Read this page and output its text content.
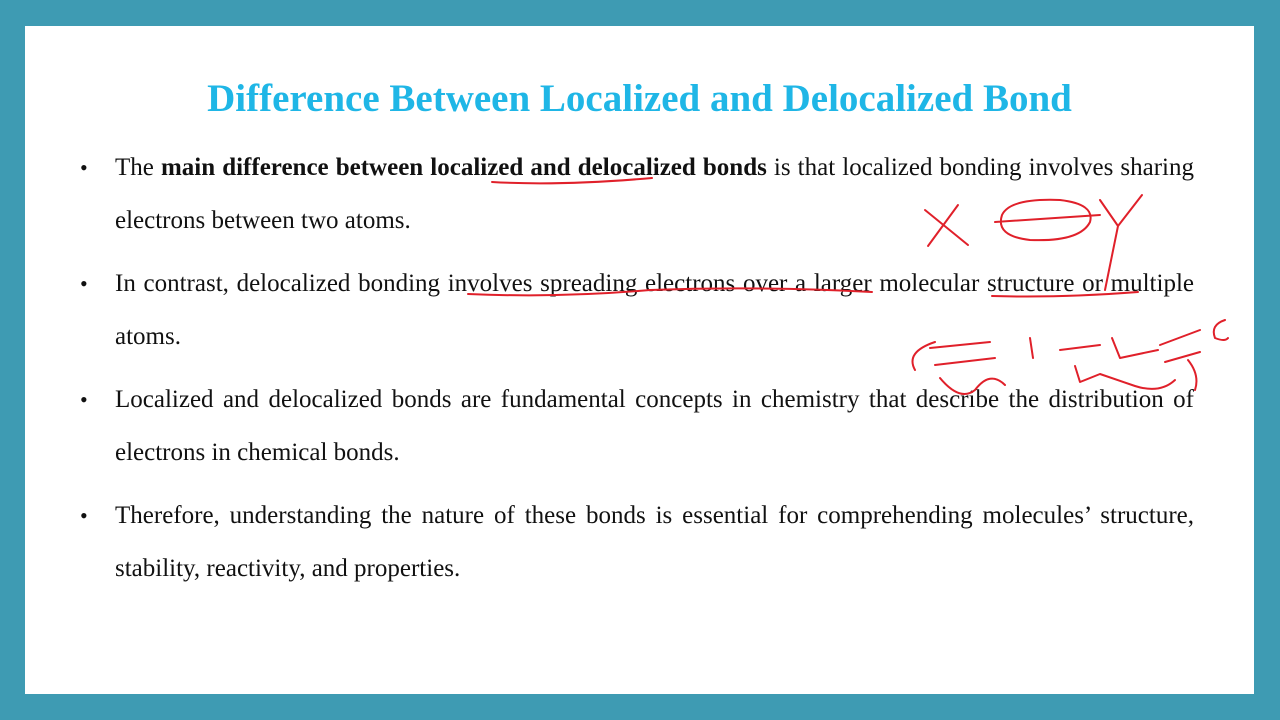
Difference Between Localized and Delocalized Bond
• The main difference between localized and delocalized bonds is that localized bonding involves sharing electrons between two atoms.
• In contrast, delocalized bonding involves spreading electrons over a larger molecular structure or multiple atoms.
• Localized and delocalized bonds are fundamental concepts in chemistry that describe the distribution of electrons in chemical bonds.
• Therefore, understanding the nature of these bonds is essential for comprehending molecules’ structure, stability, reactivity, and properties.
